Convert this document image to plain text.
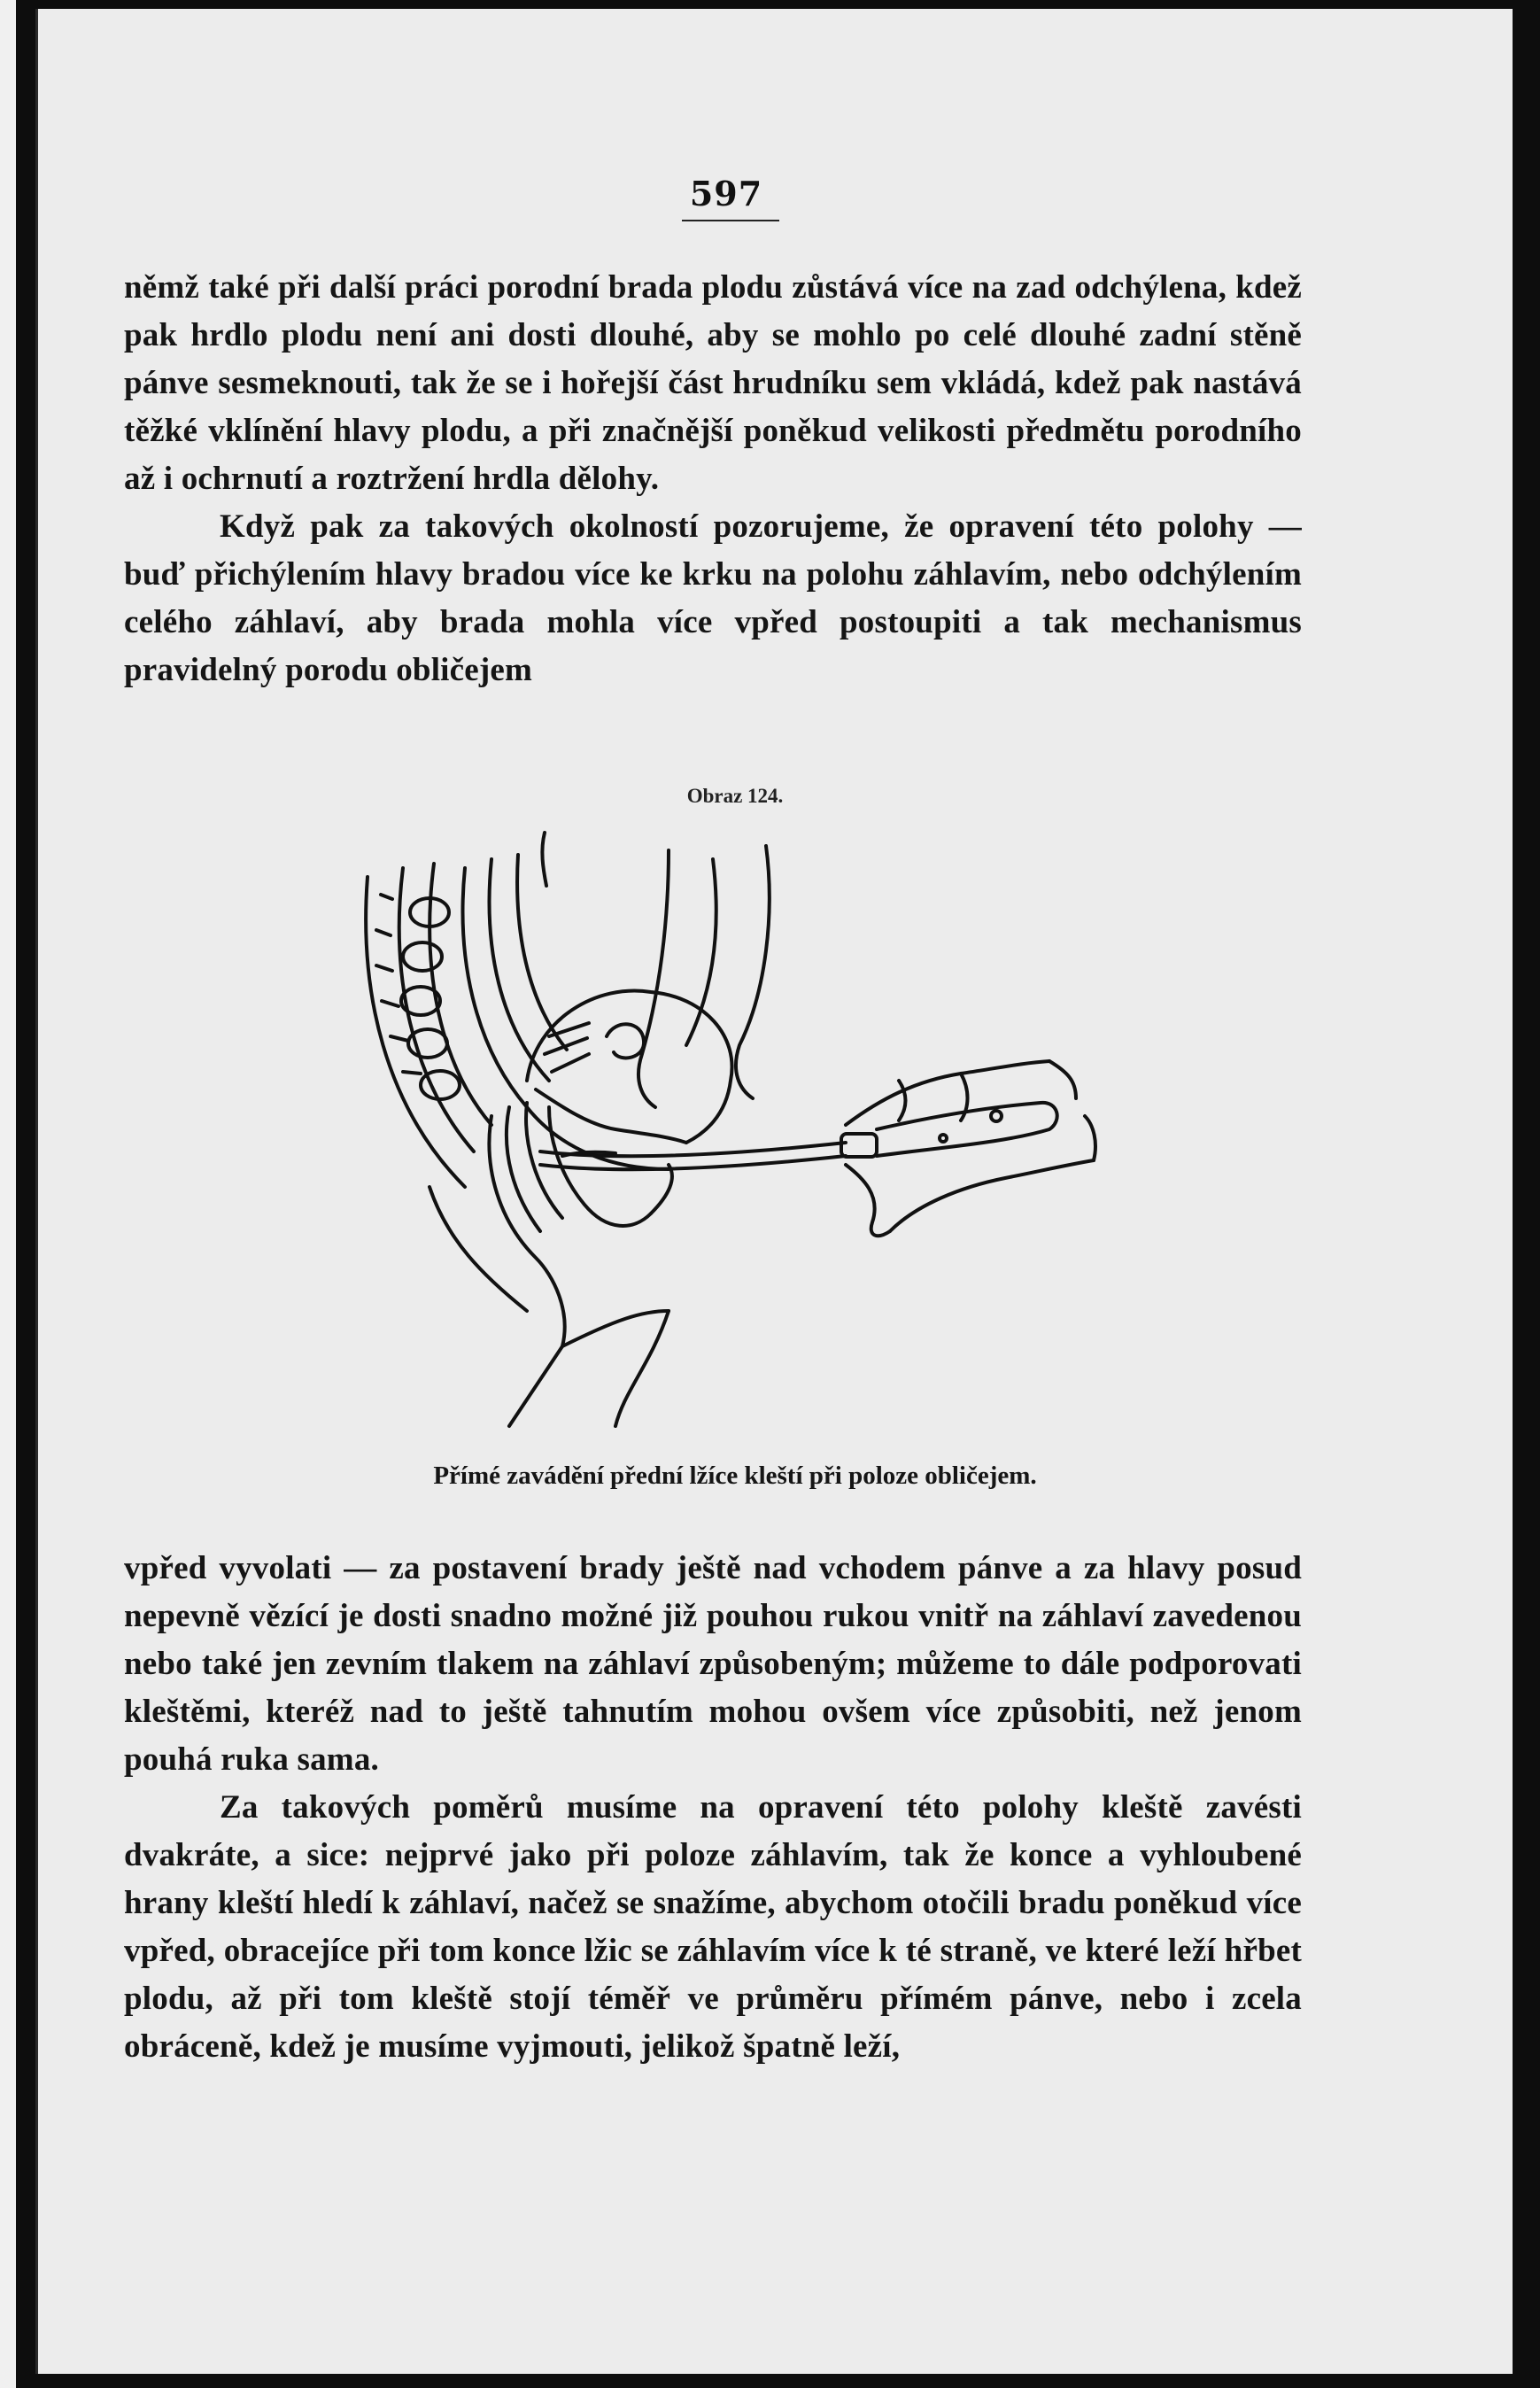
597

němž také při další práci porodní brada plodu zůstává více na zad odchýlena, kdež pak hrdlo plodu není ani dosti dlouhé, aby se mohlo po celé dlouhé zadní stěně pánve sesmeknouti, tak že se i hořejší část hrudníku sem vkládá, kdež pak nastává těžké vklínění hlavy plodu, a při značnější poněkud velikosti předmětu porodního až i ochrnutí a roztržení hrdla dělohy.

Když pak za takových okolností pozorujeme, že opravení této polohy — buď přichýlením hlavy bradou více ke krku na polohu záhlavím, nebo odchýlením celého záhlaví, aby brada mohla více vpřed postoupiti a tak mechanismus pravidelný porodu obličejem

Obraz 124.
Přímé zavádění přední lžíce kleští při poloze obličejem.

vpřed vyvolati — za postavení brady ještě nad vchodem pánve a za hlavy posud nepevně vězící je dosti snadno možné již pouhou rukou vnitř na záhlaví zavedenou nebo také jen zevním tlakem na záhlaví způsobeným; můžeme to dále podporovati kleštěmi, kteréž nad to ještě tahnutím mohou ovšem více způsobiti, než jenom pouhá ruka sama.

Za takových poměrů musíme na opravení této polohy kleště zavésti dvakráte, a sice: nejprvé jako při poloze záhlavím, tak že konce a vyhloubené hrany kleští hledí k záhlaví, načež se snažíme, abychom otočili bradu poněkud více vpřed, obracejíce při tom konce lžic se záhlavím více k té straně, ve které leží hřbet plodu, až při tom kleště stojí téměř ve průměru přímém pánve, nebo i zcela obráceně, kdež je musíme vyjmouti, jelikož špatně leží,
